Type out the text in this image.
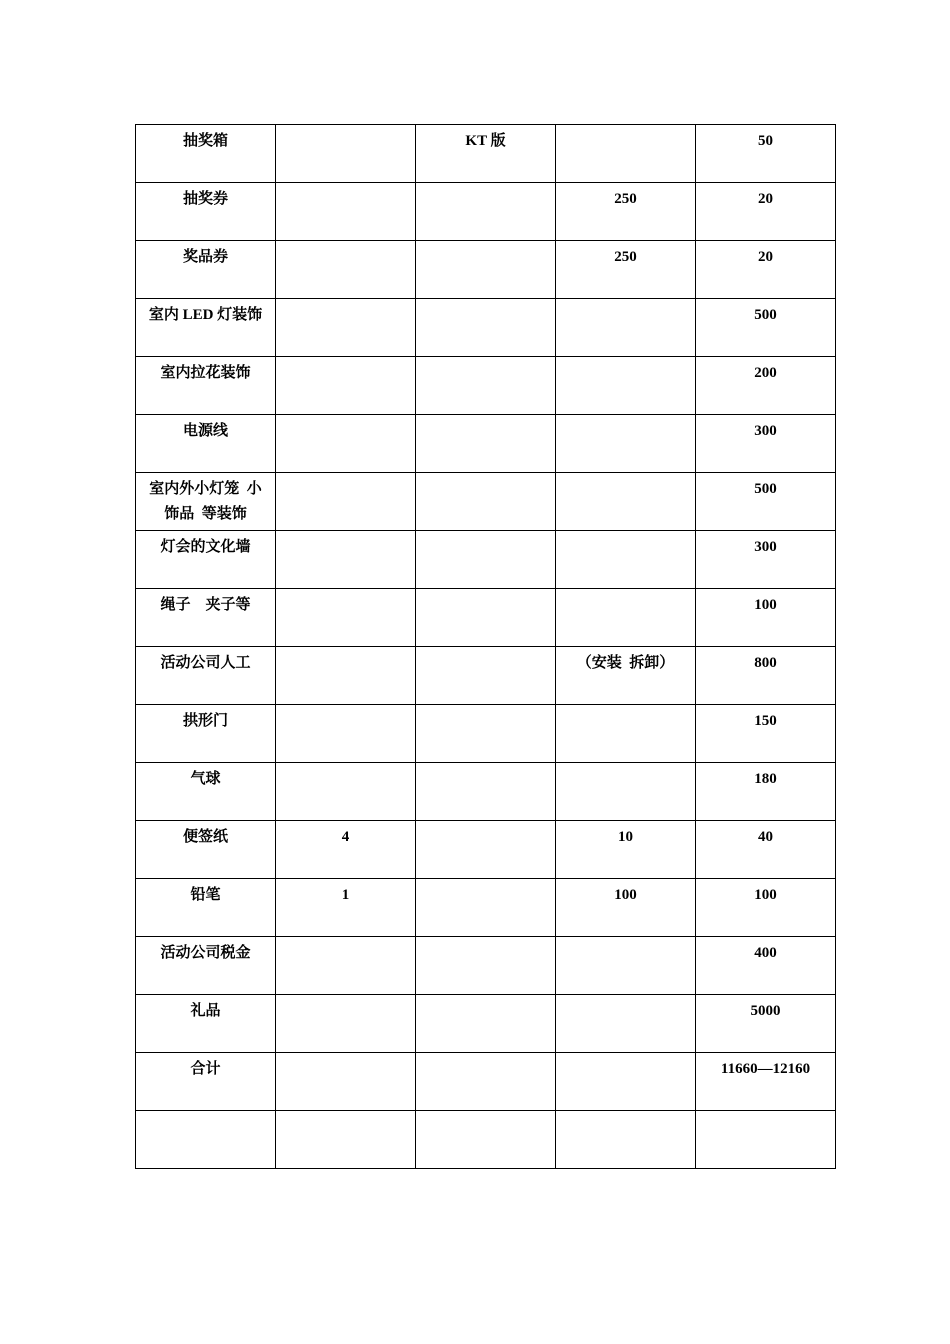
抽奖箱		KT 版		50
抽奖券			250	20
奖品券			250	20
室内 LED 灯装饰				500
室内拉花装饰				200
电源线				300
室内外小灯笼  小饰品  等装饰				500
灯会的文化墙				300
绳子    夹子等				100
活动公司人工			（安装  拆卸）	800
拱形门				150
气球				180
便签纸	4		10	40
铅笔	1		100	100
活动公司税金				400
礼品				5000
合计				11660—12160
